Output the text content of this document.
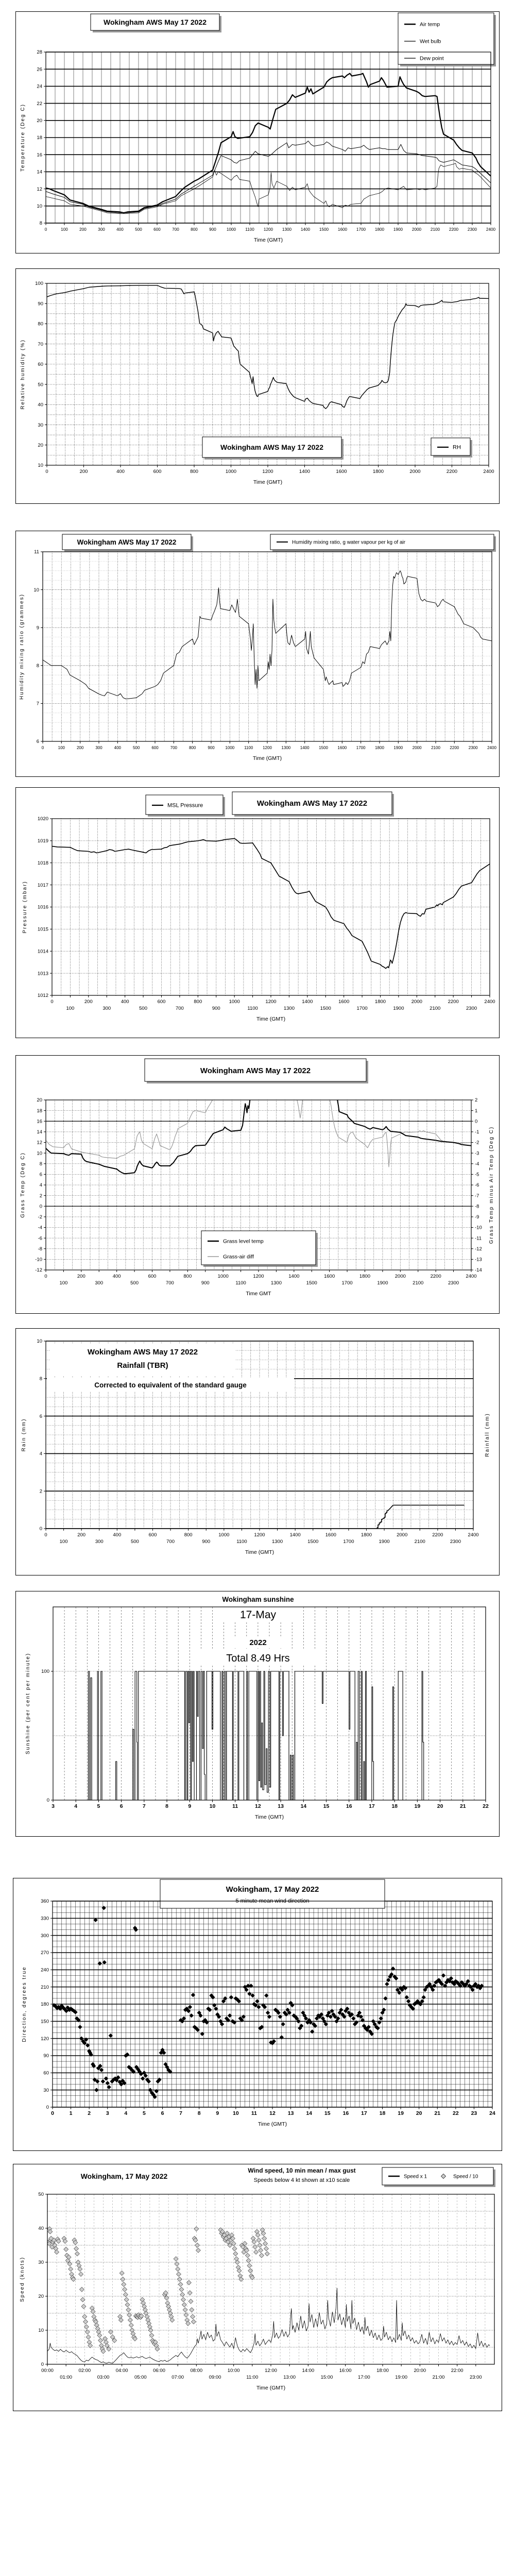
Wokingham AWS May 17 2022	Air temp
Wet bulb
Dew point
0	100	200	300	400	500	600	700	800	900 1000 1100 1200 1300 1400 1500 1600 1700 1800 1900 2000 2100 2200 2300 2400
8
10
12
14
16
18
20
22
24
26
28
Time (GMT)
Temperature (Deg C)
Wokingham AWS May 17 2022	RH
0	200	400	600	800	1000	1200	1400	1600	1800	2000	2200	2400
10
20
30
40
50
60
70
80
90
100
Time (GMT)
Relative humidity (%)
Wokingham AWS May 17 2022	Humidity mixing ratio, g water vapour per kg of air
0	100	200	300	400	500	600	700	800	900	1000 1100 1200 1300 1400 1500 1600 1700 1800 1900 2000 2100 2200 2300 2400
6
7
8
9
10
11
Time (GMT)
Humidity mixing ratio (grammes)
MSL Pressure	Wokingham AWS May 17 2022
0
100
200
300
400
500
600
700
800
900
1000
1100
1200
1300
1400
1500
1600
1700
1800
1900
2000
2100
2200
2300
2400
1012
1013
1014
1015
1016
1017
1018
1019
1020
Time (GMT)
Pressure (mbar)
Wokingham AWS May 17 2022
Grass level temp
Grass-air diff
0
100
200
300
400
500
600
700
800
900
1000
1100
1200
1300
1400
1500
1600
1700
1800
1900
2000
2100
2200
2300
2400
-12
-10
-8
-6
-4
-2
0
2
4
6
8
10
12
14
16
18
20
-14
-13
-12
-11
-10
-9
-8
-7
-6
-5
-4
-3
-2
-1
0
1
2
Time GMT
Grass Temp (Deg C)	Grass Temp minus Air Temp (Deg C)
Wokingham AWS May 17 2022
Rainfall (TBR)
Corrected to equivalent of the standard gauge
0
100
200
300
400
500
600
700
800
900
1000
1100
1200
1300
1400
1500
1600
1700
1800
1900
2000
2100
2200
2300
2400
0
2
4
6
8
10
Time (GMT)
Rain (mm)	Rainfall (mm)
Wokingham sunshine
17-May
2022
Total 8.49 Hrs
3	4	5	6	7	8	9	10	11	12	13	14	15	16	17	18	19	20	21	22
0
100
Time (GMT)
Sunshine (per cent per minute)
Wokingham, 17 May 2022
5 minute mean wind direction
0	1	2	3	4	5	6	7	8	9	10 11 12 13 14 15 16 17 18 19 20 21 22 23 24
0
30
60
90
120
150
180
210
240
270
300
330
360
Time (GMT)
Direction, degrees true
Speed x 1	Speed / 10
Wokingham, 17 May 2022
Wind speed, 10 min mean / max gust
Speeds below 4 kt shown at x10 scale
00:00
01:00
02:00
03:00
04:00
05:00
06:00
07:00
08:00
09:00
10:00
11:00
12:00
13:00
14:00
15:00
16:00
17:00
18:00
19:00
20:00
21:00
22:00
23:00
0
10
20
30
40
50
Time (GMT)
Speed (knots)
